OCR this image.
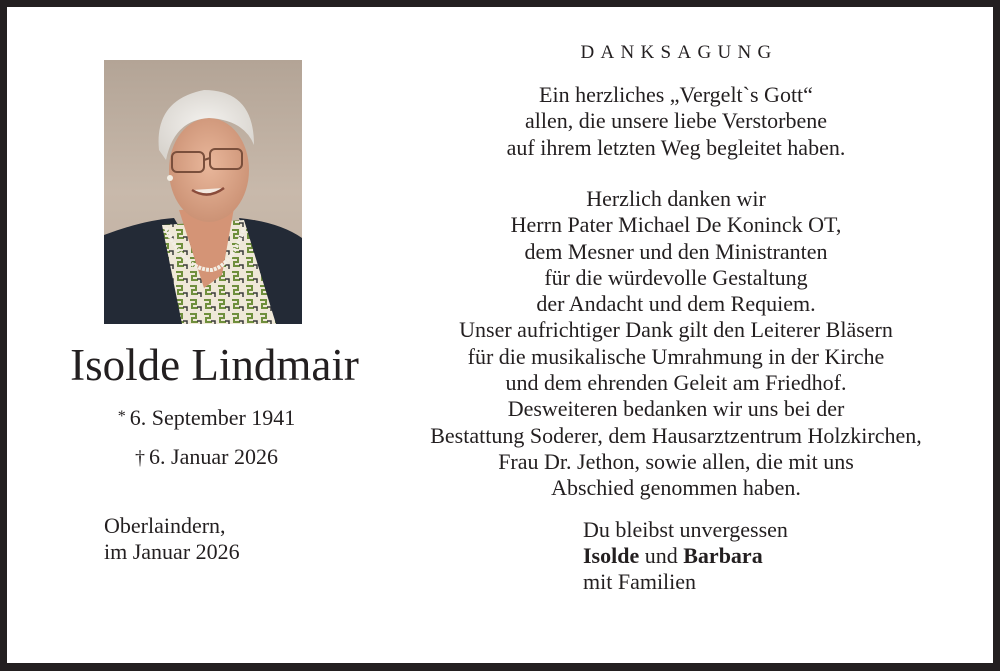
Isolde Lindmair
* 6. September 1941
† 6. Januar 2026
Oberlaindern,
im Januar 2026
DANKSAGUNG
Ein herzliches „Vergelt`s Gott“
allen, die unsere liebe Verstorbene
auf ihrem letzten Weg begleitet haben.
Herzlich danken wir
Herrn Pater Michael De Koninck OT,
dem Mesner und den Ministranten
für die würdevolle Gestaltung
der Andacht und dem Requiem.
Unser aufrichtiger Dank gilt den Leiterer Bläsern
für die musikalische Umrahmung in der Kirche
und dem ehrenden Geleit am Friedhof.
Desweiteren bedanken wir uns bei der
Bestattung Soderer, dem Hausarztzentrum Holzkirchen,
Frau Dr. Jethon, sowie allen, die mit uns
Abschied genommen haben.
Du bleibst unvergessen
Isolde und Barbara
mit Familien
